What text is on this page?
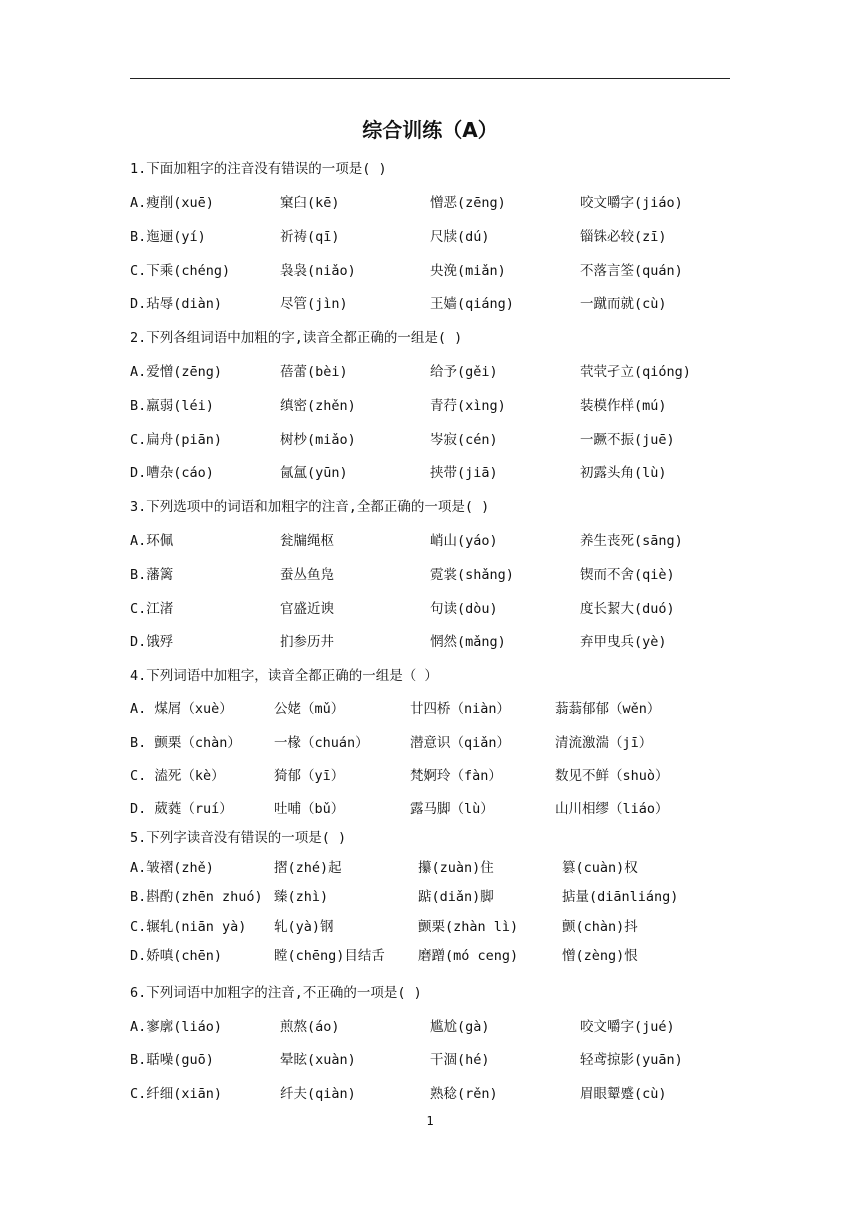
综合训练（A）
1.下面加粗字的注音没有错误的一项是( )
A.瘦削(xuē)	窠臼(kē)	憎恶(zēng)	咬文嚼字(jiáo)
B.迤逦(yí)	祈祷(qī)	尺牍(dú)	锱铢必较(zī)
C.下乘(chéng)	袅袅(niǎo)	央浼(miǎn)	不落言筌(quán)
D.玷辱(diàn)	尽管(jìn)	王嫱(qiáng)	一蹴而就(cù)
2.下列各组词语中加粗的字,读音全都正确的一组是( )
A.爱憎(zēng)	蓓蕾(bèi)	给予(gěi)	茕茕孑立(qióng)
B.羸弱(léi)	缜密(zhěn)	青荇(xìng)	装模作样(mú)
C.扁舟(piān)	树杪(miǎo)	岑寂(cén)	一蹶不振(juē)
D.嘈杂(cáo)	氤氲(yūn)	挟带(jiā)	初露头角(lù)
3.下列选项中的词语和加粗字的注音,全都正确的一项是( )
A.环佩	瓮牖绳枢	峭山(yáo)	养生丧死(sāng)
B.藩篱	蚕丛鱼凫	霓裳(shǎng)	锲而不舍(qiè)
C.江渚	官盛近谀	句读(dòu)	度长絜大(duó)
D.饿殍	扪参历井	惘然(mǎng)	弃甲曳兵(yè)
4.下列词语中加粗字，读音全都正确的一组是（ ）
A. 煤屑（xuè）	公姥（mǔ）	廿四桥（niàn）	蓊蓊郁郁（wěn）
B. 颤栗（chàn） 一椽（chuán）	潜意识（qiǎn）	清流激湍（jī）
C. 溘死（kè）	猗郁（yī）	梵婀玲（fàn）	数见不鲜（shuò）
D. 葳蕤（ruí）	吐哺（bǔ）	露马脚（lù）	山川相缪（liáo）
5.下列字读音没有错误的一项是( )
A.皱褶(zhě)	摺(zhé)起	攥(zuàn)住	篡(cuàn)权
B.斟酌(zhēn zhuó) 臻(zhì)	踮(diǎn)脚	掂量(diānliáng)
C.辗轧(niān yà) 轧(yà)钢	颤栗(zhàn lì)	颤(chàn)抖
D.娇嗔(chēn)	瞠(chēng)目结舌 磨蹭(mó ceng)	憎(zèng)恨
6.下列词语中加粗字的注音,不正确的一项是( )
A.寥廓(liáo)	煎熬(áo)	尴尬(gà)	咬文嚼字(jué)
B.聒噪(guō)	晕眩(xuàn)	干涸(hé)	轻鸢掠影(yuān)
C.纤细(xiān)	纤夫(qiàn)	熟稔(rěn)	眉眼颦蹙(cù)
1
